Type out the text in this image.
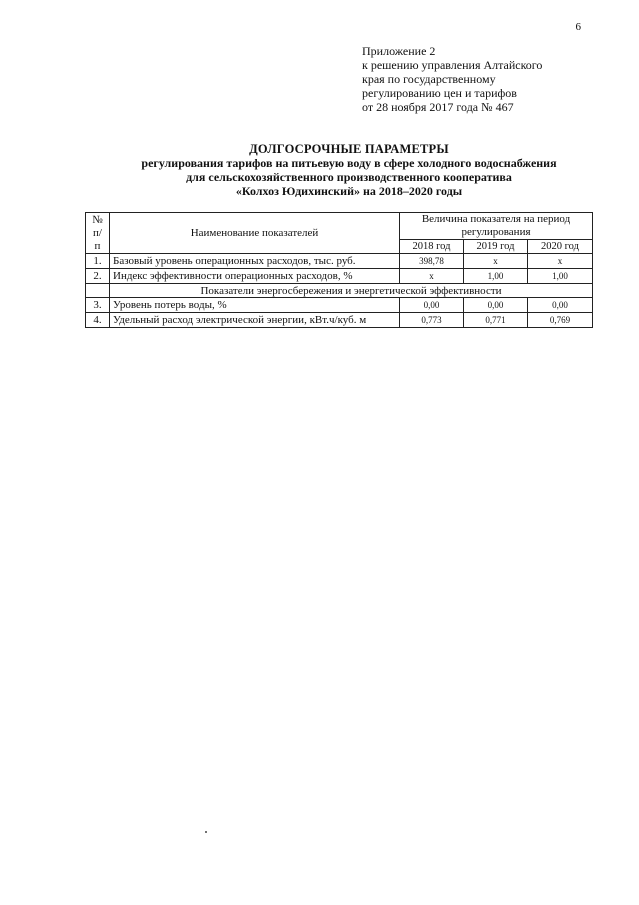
6
Приложение 2
к решению управления Алтайского
края по государственному
регулированию цен и тарифов
от 28 ноября 2017 года № 467
ДОЛГОСРОЧНЫЕ ПАРАМЕТРЫ
регулирования тарифов на питьевую воду в сфере холодного водоснабжения
для сельскохозяйственного производственного кооператива
«Колхоз Юдихинский» на 2018–2020 годы
№
п/
п	Наименование показателей	Величина показателя на период регулирования		
		2018 год	2019 год	2020 год
1.	Базовый уровень операционных расходов, тыс. руб.	398,78	х	х
2.	Индекс эффективности операционных расходов, %	х	1,00	1,00
	Показатели энергосбережения и энергетической эффективности			
3.	Уровень потерь воды, %	0,00	0,00	0,00
4.	Удельный расход электрической энергии, кВт.ч/куб. м	0,773	0,771	0,769
